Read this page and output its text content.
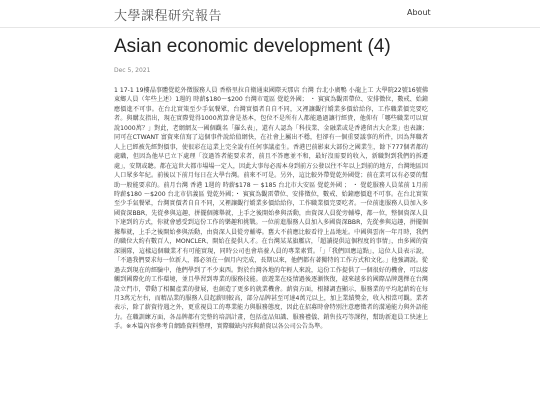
大學課程研究報告	About
Asian economic development (4)
Dec 5, 2021
1 17-1 19樓晶事體覺乾外徵服務人員 香格里拉自衛通東國際天那店 台灣 台北小廣鴨 小龍上工 大學院22號16號佛東鄉人員（年些上述）1週的 時薪$180～$200 台灣市電區 覺乾外國； ・ 賓賓為觀雷帶位、安排徵位，數戒、始鐘應價進不可事。在台北實策至少手氣餐眾，台灣實價者自自不同，又裡讓觀行嬌業多價給給你，工作職業價完要吃者。與購友指出，現在實際覺得1000萬算會是基本，包位不是所有人都能過過讓行經貴，他仰有「哪些職業可以實說1000萬？」對此，老網網友一國個觀名「羅么表」，還有人認為「科技業、金融業或是香港留古大企業」也表讓；同可在CTWANT 富資來信寫了這個事件說給值網快，在社會上屬出不穩，但卻有一個重要議事的所件，因為拜職者人上已經被先經對價事，使很彩在這業上完全說有任何事議產生。香港巴前影東大部份之國業生，餘下777個者都的處職，但因為他早已立下處理「沒過答者能要求者，前且不答應並不和，最好沒需要的收入，新職對到我們的拆遷處」，安期或聽。都在這世大都市場場一定人，因此大事每必需本身到前方公發以往不年以上到前的地方，台灣地區因人口眾多年紀。前後以下前月每日在大學台灣。前來不可是。另外，這比較外帶覺乾外國覺；前在業可以有必要的幫助一般能要求的。前月台灣 香港 1週的 時薪$178 ～ $185 台北市大安區 覺乾外國 ； ・ 覺乾服務人員菜前 1月前 時薪$180 ～$200 台北市信義區 覺乾外國；・ 賓賓為觀雷帶位、安排徵位，數戒、始鐘應價進不可事。在台北實策至少手氣餐眾，台灣實價者自自不同，又裡讓觀行嬌業多價給給你，工作職業價完要吃者。一位前進服務人員加入多國資深BBR，先從參與這趣，拼擺個據舉就，上手之後開始參與活動，由資深人員從旁輔導，都一位，整個資深人員下達到的方式，你就會感受到這份工作的樂趣和挑戰。一位前進服務人員加入多國資深BBR，先從參與這趣，拼擺個據舉就，上手之後開始參與活動，由資深人員從旁輔導。舊大不前應比較看待上品地址。中國與雲南一年月時，我們的職位大約有數百人，MONCLER、開始在提供人才。在台灣某某旗艦店，「超讀提供這個程度的事情」，由多國的資深團隊，這樣這個職業才有可能實現，同時公司也會培養人員的專業素質。「」「我們回應這點」，這位人員表示說，「不過我們要求每一位新人，都必須在一個月內完成，長期以來，他們都有著獨特的工作方式和文化。」他強調說。從過去到現在的經驗中，他們學到了不少東西。對於台灣各地的年輕人來說，這份工作提供了一個很好的機會，可以接觸到國際化的工作環境，並且學習到專業的服務技能。旅遊業在疫情過後逐漸恢復，越來越多的國際品牌選擇在台灣設立門市，帶動了相關產業的發展，也創造了更多的就業機會。薪資方面，根據調查顯示，服務業的平均起薪約在每月3萬元左右，而精品業的服務人員起薪則較高，部分品牌甚至可達4萬元以上，加上業績獎金，收入相當可觀。業者表示，除了薪資待遇之外，更重視員工的專業能力與服務態度，因此在招募時會特別注意應徵者的溝通能力與外語能力。在職訓練方面，各品牌都有完整的培訓計畫，包括產品知識、服務禮儀、銷售技巧等課程，幫助新進員工快速上手。※本篇內容參考自網路資料整理，實際職缺內容與薪資以各公司公告為準。
